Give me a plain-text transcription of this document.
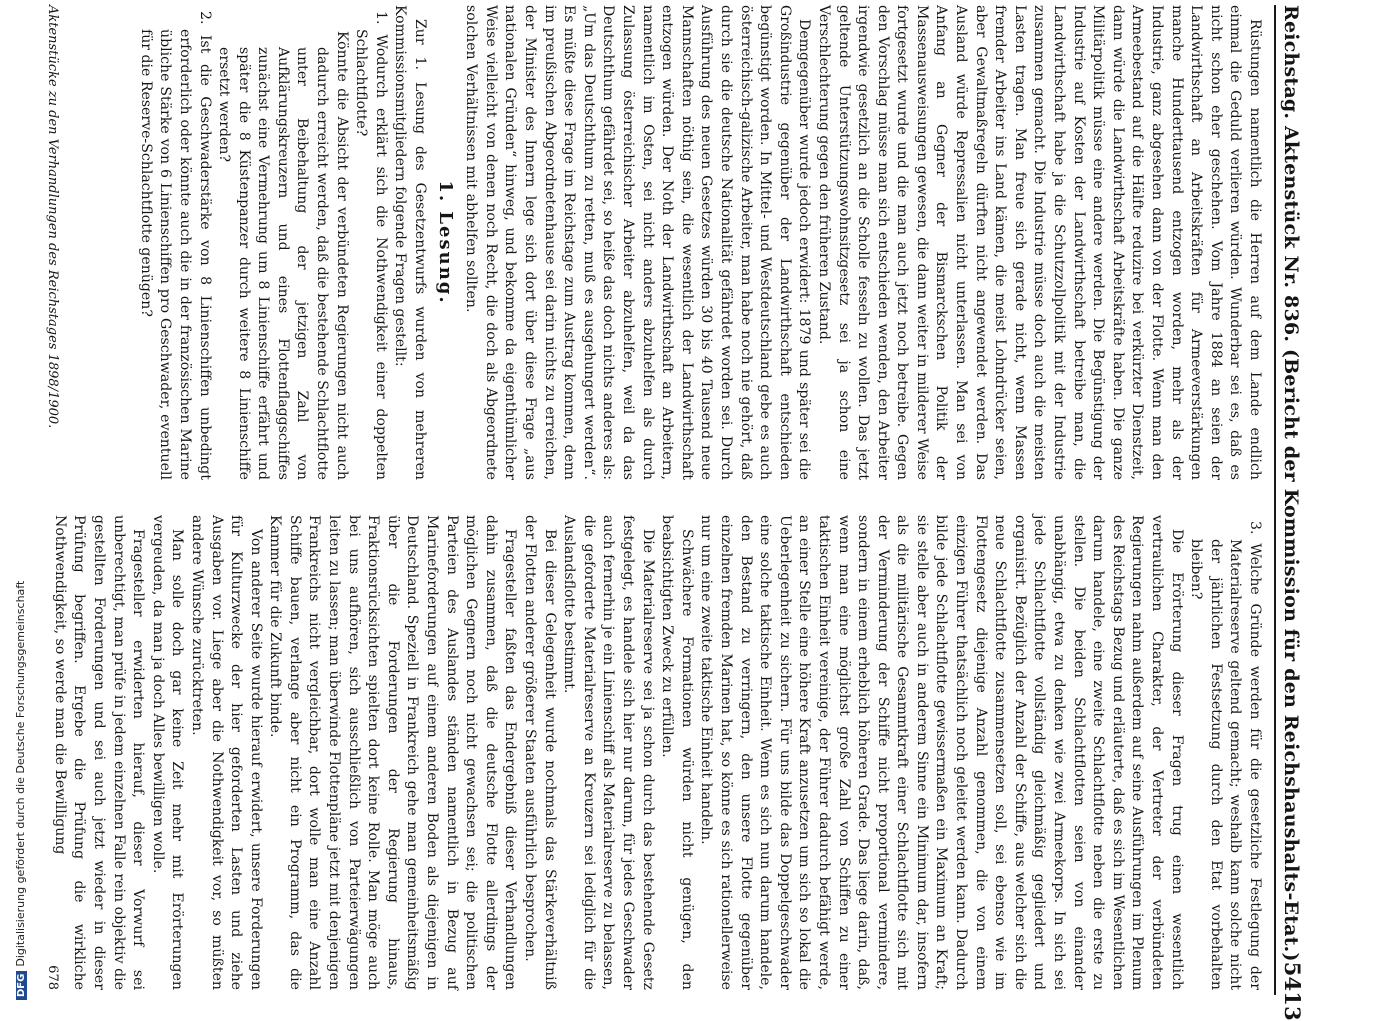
Reichstag. Aktenstück Nr. 836. (Bericht der Kommission für den Reichshaushalts-Etat.)
5413

Rüstungen namentlich die Herren auf dem Lande endlich einmal die Geduld verlieren würden. Wunderbar sei es, daß es nicht schon eher geschehen. Vom Jahre 1884 an seien der Landwirthschaft an Arbeitskräften für Armeeverstärkungen manche Hunderttausend entzogen worden, mehr als der Industrie, ganz abgesehen dann von der Flotte. Wenn man den Armeebestand auf die Hälfte reduzire bei verkürzter Dienstzeit, dann würde die Landwirthschaft Arbeitskräfte haben. Die ganze Militärpolitik müsse eine andere werden. Die Begünstigung der Industrie auf Kosten der Landwirthschaft betreibe man, die Landwirthschaft habe ja die Schutzzollpolitik mit der Industrie zusammen gemacht. Die Industrie müsse doch auch die meisten Lasten tragen. Man freue sich gerade nicht, wenn Massen fremder Arbeiter ins Land kämen, die meist Lohndrücker seien, aber Gewaltmaßregeln dürften nicht angewendet werden. Das Ausland würde Repressalien nicht unterlassen. Man sei von Anfang an Gegner der Bismarckschen Politik der Massenausweisungen gewesen, die dann weiter in milderer Weise fortgesetzt wurde und die man auch jetzt noch betreibe. Gegen den Vorschlag müsse man sich entschieden wenden, den Arbeiter irgendwie gesetzlich an die Scholle fesseln zu wollen. Das jetzt geltende Unterstützungswohnsitzgesetz sei ja schon eine Verschlechterung gegen den früheren Zustand.

Demgegenüber wurde jedoch erwidert: 1879 und später sei die Großindustrie gegenüber der Landwirthschaft entschieden begünstigt worden. In Mittel- und Westdeutschland gebe es auch österreichisch-galizische Arbeiter, man habe noch nie gehört, daß durch sie die deutsche Nationalität gefährdet worden sei. Durch Ausführung des neuen Gesetzes würden 30 bis 40 Tausend neue Mannschaften nöthig sein, die wesentlich der Landwirthschaft entzogen würden. Der Noth der Landwirthschaft an Arbeitern, namentlich im Osten, sei nicht anders abzuhelfen als durch Zulassung österreichischer Arbeiter abzuhelfen, weil da das Deutschthum gefährdet sei, so heiße das doch nichts anderes als: „Um das Deutschthum zu retten, muß es ausgehungert werden“. Es müßte diese Frage im Reichstage zum Austrag kommen, denn im preußischen Abgeordnetenhause sei darin nichts zu erreichen, der Minister des Innern lege sich dort über diese Frage „aus nationalen Gründen“ hinweg, und bekomme da eigenthümlicher Weise vielleicht von denen noch Recht, die doch als Abgeordnete solchen Verhältnissen mit abhelfen sollten.

1. Lesung.

Zur 1. Lesung des Gesetzentwurfs wurden von mehreren Kommissionsmitgliedern folgende Fragen gestellt:

1. Wodurch erklärt sich die Nothwendigkeit einer doppelten Schlachtflotte?

Könnte die Absicht der verbündeten Regierungen nicht auch dadurch erreicht werden, daß die bestehende Schlachtflotte unter Beibehaltung der jetzigen Zahl von Aufklärungskreuzern und eines Flottenflaggschiffes zunächst eine Vermehrung um 8 Linienschiffe erfährt und später die 8 Küstenpanzer durch weitere 8 Linienschiffe ersetzt werden?

2. Ist die Geschwaderstärke von 8 Linienschiffen unbedingt erforderlich oder könnte auch die in der französischen Marine übliche Stärke von 6 Linienschiffen pro Geschwader, eventuell für die Reserve-Schlachtflotte genügen?

3. Welche Gründe werden für die gesetzliche Festlegung der Materialreserve geltend gemacht; weshalb kann solche nicht der jährlichen Festsetzung durch den Etat vorbehalten bleiben?

Die Erörterung dieser Fragen trug einen wesentlich vertraulichen Charakter, der Vertreter der verbündeten Regierungen nahm außerdem auf seine Ausführungen im Plenum des Reichstags Bezug und erläuterte, daß es sich im Wesentlichen darum handele, eine zweite Schlachtflotte neben die erste zu stellen. Die beiden Schlachtflotten seien von einander unabhängig, etwa zu denken wie zwei Armeekorps. In sich sei jede Schlachtflotte vollständig gleichmäßig gegliedert und organisirt. Bezüglich der Anzahl der Schiffe, aus welcher sich die neue Schlachtflotte zusammensetzen soll, sei ebenso wie im Flottengesetz diejenige Anzahl genommen, die von einem einzigen Führer thatsächlich noch geleitet werden kann. Dadurch bilde jede Schlachtflotte gewissermaßen ein Maximum an Kraft; sie stelle aber auch in anderem Sinne ein Minimum dar, insofern als die militärische Gesammtkraft einer Schlachtflotte sich mit der Verminderung der Schiffe nicht proportional vermindere, sondern in einem erheblich höheren Grade. Das liege darin, daß, wenn man eine möglichst große Zahl von Schiffen zu einer taktischen Einheit vereinige, der Führer dadurch befähigt werde, an einer Stelle eine höhere Kraft anzusetzen um sich so lokal die Ueberlegenheit zu sichern. Für uns bilde das Doppelgeschwader eine solche taktische Einheit. Wenn es sich nun darum handele, den Bestand zu verringern, den unsere Flotte gegenüber einzelnen fremden Marinen hat, so könne es sich rationellerweise nur um eine zweite taktische Einheit handeln.

Schwächere Formationen würden nicht genügen, den beabsichtigten Zweck zu erfüllen.

Die Materialreserve sei ja schon durch das bestehende Gesetz festgelegt, es handele sich hier nur darum, für jedes Geschwader auch fernerhin je ein Linienschiff als Materialreserve zu belassen, die geforderte Materialreserve an Kreuzern sei lediglich für die Auslandsflotte bestimmt.

Bei dieser Gelegenheit wurde nochmals das Stärkeverhältniß der Flotten anderer größerer Staaten ausführlich besprochen.

Fragesteller faßten das Endergebniß dieser Verhandlungen dahin zusammen, daß die deutsche Flotte allerdings der möglichen Gegnern noch nicht gewachsen sei; die politischen Parteien des Auslandes ständen namentlich in Bezug auf Marineforderungen auf einem anderen Boden als diejenigen in Deutschland. Speziell in Frankreich gehe man gemeinheitsmäßig über die Forderungen der Regierung hinaus, Fraktionsrücksichten spielten dort keine Rolle. Man möge auch bei uns aufhören, sich ausschließlich von Parteierwägungen leiten zu lassen; man überwinde Flottenpläne jetzt mit denjenigen Frankreichs nicht vergleichbar, dort wolle man eine Anzahl Schiffe bauen, verlange aber nicht ein Programm, das die Kammer für die Zukunft binde.

Von anderer Seite wurde hierauf erwidert, unsere Forderungen für Kulturzwecke der hier geforderten Lasten und ziehe Ausgaben vor. Liege aber die Nothwendigkeit vor, so müßten andere Wünsche zurücktreten.

Man solle doch gar keine Zeit mehr mit Erörterungen vergeuden, da man ja doch Alles bewilligen wolle.

Fragesteller erwiderten hierauf, dieser Vorwurf sei unberechtigt, man prüfe in jedem einzelnen Falle rein objektiv die gestellten Forderungen und sei auch jetzt wieder in dieser Prüfung begriffen. Ergebe die Prüfung die wirkliche Nothwendigkeit, so werde man die Bewilligung

Aktenstücke zu den Verhandlungen des Reichstages 1898/1900.
678
DFGDigitalisierung gefördert durch die Deutsche Forschungsgemeinschaft
